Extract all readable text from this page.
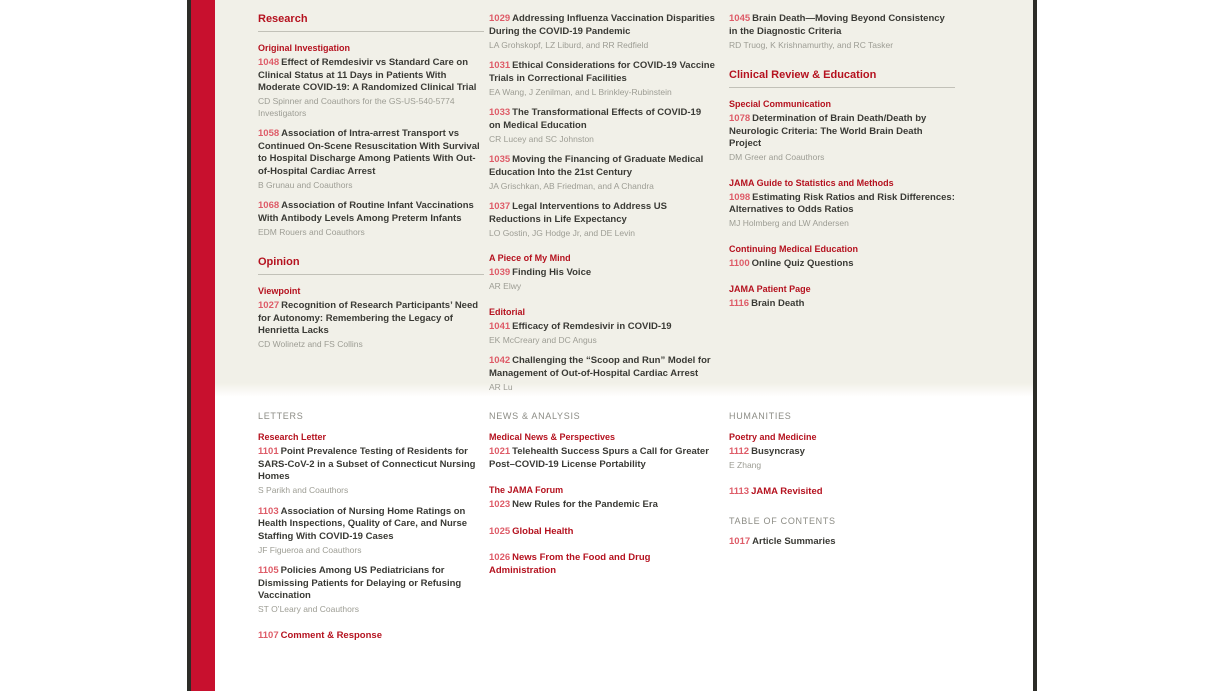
Research
Original Investigation
1048 Effect of Remdesivir vs Standard Care on Clinical Status at 11 Days in Patients With Moderate COVID-19: A Randomized Clinical Trial
CD Spinner and Coauthors for the GS-US-540-5774 Investigators
1058 Association of Intra-arrest Transport vs Continued On-Scene Resuscitation With Survival to Hospital Discharge Among Patients With Out-of-Hospital Cardiac Arrest
B Grunau and Coauthors
1068 Association of Routine Infant Vaccinations With Antibody Levels Among Preterm Infants
EDM Rouers and Coauthors
Opinion
Viewpoint
1027 Recognition of Research Participants’ Need for Autonomy: Remembering the Legacy of Henrietta Lacks
CD Wolinetz and FS Collins
1029 Addressing Influenza Vaccination Disparities During the COVID-19 Pandemic
LA Grohskopf, LZ Liburd, and RR Redfield
1031 Ethical Considerations for COVID-19 Vaccine Trials in Correctional Facilities
EA Wang, J Zenilman, and L Brinkley-Rubinstein
1033 The Transformational Effects of COVID-19 on Medical Education
CR Lucey and SC Johnston
1035 Moving the Financing of Graduate Medical Education Into the 21st Century
JA Grischkan, AB Friedman, and A Chandra
1037 Legal Interventions to Address US Reductions in Life Expectancy
LO Gostin, JG Hodge Jr, and DE Levin
A Piece of My Mind
1039 Finding His Voice
AR Elwy
Editorial
1041 Efficacy of Remdesivir in COVID-19
EK McCreary and DC Angus
1042 Challenging the “Scoop and Run” Model for Management of Out-of-Hospital Cardiac Arrest
AR Lu
1045 Brain Death—Moving Beyond Consistency in the Diagnostic Criteria
RD Truog, K Krishnamurthy, and RC Tasker
Clinical Review & Education
Special Communication
1078 Determination of Brain Death/Death by Neurologic Criteria: The World Brain Death Project
DM Greer and Coauthors
JAMA Guide to Statistics and Methods
1098 Estimating Risk Ratios and Risk Differences: Alternatives to Odds Ratios
MJ Holmberg and LW Andersen
Continuing Medical Education
1100 Online Quiz Questions
JAMA Patient Page
1116 Brain Death
LETTERS
Research Letter
1101 Point Prevalence Testing of Residents for SARS-CoV-2 in a Subset of Connecticut Nursing Homes
S Parikh and Coauthors
1103 Association of Nursing Home Ratings on Health Inspections, Quality of Care, and Nurse Staffing With COVID-19 Cases
JF Figueroa and Coauthors
1105 Policies Among US Pediatricians for Dismissing Patients for Delaying or Refusing Vaccination
ST O’Leary and Coauthors
1107 Comment & Response
NEWS & ANALYSIS
Medical News & Perspectives
1021 Telehealth Success Spurs a Call for Greater Post–COVID-19 License Portability
The JAMA Forum
1023 New Rules for the Pandemic Era
1025 Global Health
1026 News From the Food and Drug Administration
HUMANITIES
Poetry and Medicine
1112 Busyncrasy
E Zhang
1113 JAMA Revisited
TABLE OF CONTENTS
1017 Article Summaries
